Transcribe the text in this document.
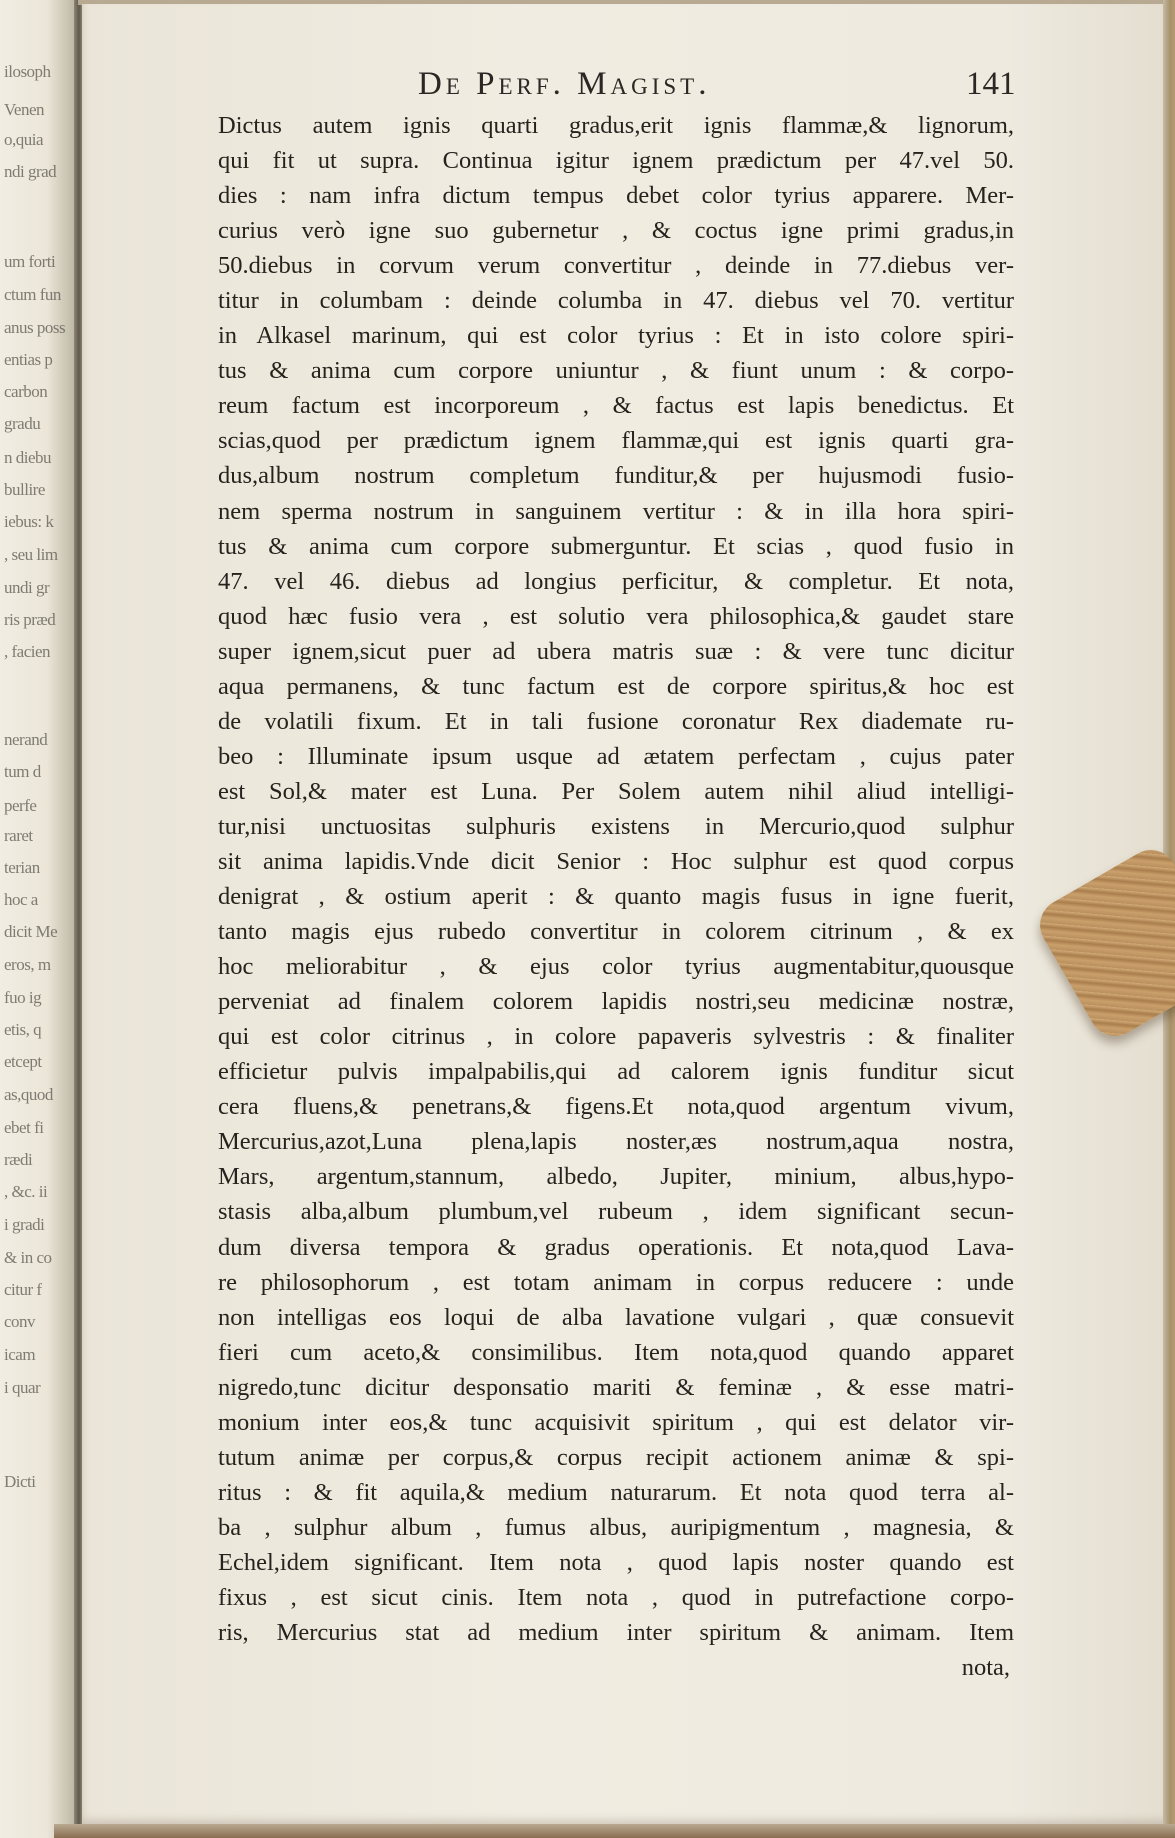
ilosoph
Venen
o,quia
ndi grad
um forti
ctum fun
anus poss
entias p
carbon
gradu
n diebu
bullire
iebus: k
, seu lim
undi gr
ris præd
, facien
nerand
tum d
perfe
raret
terian
hoc a
dicit Me
eros, m
fuo ig
etis, q
etcept
as,quod
ebet fi
rædi
, &c. ii
i gradi
& in co
citur f
conv
icam
i quar
Dicti
De Perf. Magist.	141
Dictus autem ignis quarti gradus,erit ignis flammæ,& lignorum,
qui fit ut supra. Continua igitur ignem prædictum per 47.vel 50.
dies : nam infra dictum tempus debet color tyrius apparere. Mer-
curius verò igne suo gubernetur , & coctus igne primi gradus,in
50.diebus in corvum verum convertitur , deinde in 77.diebus ver-
titur in columbam : deinde columba in 47. diebus vel 70. vertitur
in Alkasel marinum, qui est color tyrius : Et in isto colore spiri-
tus & anima cum corpore uniuntur , & fiunt unum : & corpo-
reum factum est incorporeum , & factus est lapis benedictus. Et
scias,quod per prædictum ignem flammæ,qui est ignis quarti gra-
dus,album nostrum completum funditur,& per hujusmodi fusio-
nem sperma nostrum in sanguinem vertitur : & in illa hora spiri-
tus & anima cum corpore submerguntur. Et scias , quod fusio in
47. vel 46. diebus ad longius perficitur, & completur. Et nota,
quod hæc fusio vera , est solutio vera philosophica,& gaudet stare
super ignem,sicut puer ad ubera matris suæ : & vere tunc dicitur
aqua permanens, & tunc factum est de corpore spiritus,& hoc est
de volatili fixum. Et in tali fusione coronatur Rex diademate ru-
beo : Illuminate ipsum usque ad ætatem perfectam , cujus pater
est Sol,& mater est Luna. Per Solem autem nihil aliud intelligi-
tur,nisi unctuositas sulphuris existens in Mercurio,quod sulphur
sit anima lapidis.Vnde dicit Senior : Hoc sulphur est quod corpus
denigrat , & ostium aperit : & quanto magis fusus in igne fuerit,
tanto magis ejus rubedo convertitur in colorem citrinum , & ex
hoc meliorabitur , & ejus color tyrius augmentabitur,quousque
perveniat ad finalem colorem lapidis nostri,seu medicinæ nostræ,
qui est color citrinus , in colore papaveris sylvestris : & finaliter
efficietur pulvis impalpabilis,qui ad calorem ignis funditur sicut
cera fluens,& penetrans,& figens.Et nota,quod argentum vivum,
Mercurius,azot,Luna plena,lapis noster,æs nostrum,aqua nostra,
Mars, argentum,stannum, albedo, Jupiter, minium, albus,hypo-
stasis alba,album plumbum,vel rubeum , idem significant secun-
dum diversa tempora & gradus operationis. Et nota,quod Lava-
re philosophorum , est totam animam in corpus reducere : unde
non intelligas eos loqui de alba lavatione vulgari , quæ consuevit
fieri cum aceto,& consimilibus. Item nota,quod quando apparet
nigredo,tunc dicitur desponsatio mariti & feminæ , & esse matri-
monium inter eos,& tunc acquisivit spiritum , qui est delator vir-
tutum animæ per corpus,& corpus recipit actionem animæ & spi-
ritus : & fit aquila,& medium naturarum. Et nota quod terra al-
ba , sulphur album , fumus albus, auripigmentum , magnesia, &
Echel,idem significant. Item nota , quod lapis noster quando est
fixus , est sicut cinis. Item nota , quod in putrefactione corpo-
ris, Mercurius stat ad medium inter spiritum & animam. Item
nota,
